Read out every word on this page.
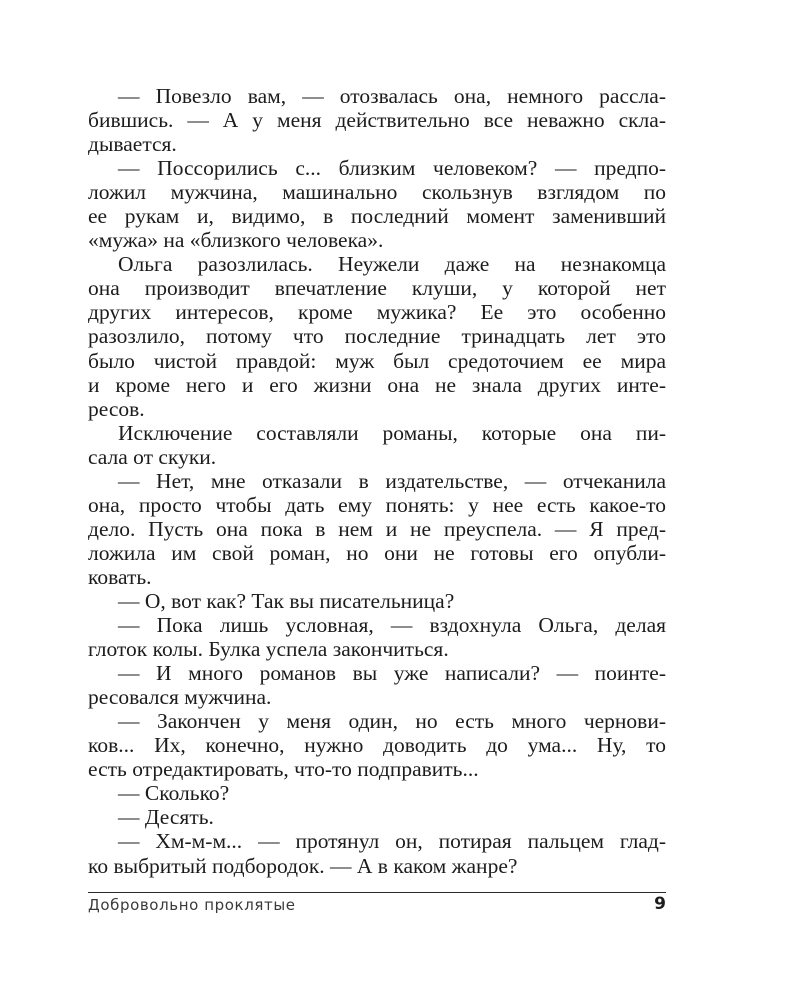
— Повезло вам, — отозвалась она, немного расслa-
бившись. — А у меня действительно все неважно скла-
дывается.
— Поссорились с... близким человеком? — предпо-
ложил мужчина, машинально скользнув взглядом по
ее рукам и, видимо, в последний момент заменивший
«мужа» на «близкого человека».
Ольга разозлилась. Неужели даже на незнакомца
она производит впечатление клуши, у которой нет
других интересов, кроме мужика? Ее это особенно
разозлило, потому что последние тринадцать лет это
было чистой правдой: муж был средоточием ее мира
и кроме него и его жизни она не знала других инте-
ресов.
Исключение составляли романы, которые она пи-
сала от скуки.
— Нет, мне отказали в издательстве, — отчеканила
она, просто чтобы дать ему понять: у нее есть какое-то
дело. Пусть она пока в нем и не преуспела. — Я пред-
ложила им свой роман, но они не готовы его опубли-
ковать.
— О, вот как? Так вы писательница?
— Пока лишь условная, — вздохнула Ольга, делая
глоток колы. Булка успела закончиться.
— И много романов вы уже написали? — поинте-
ресовался мужчина.
— Закончен у меня один, но есть много чернови-
ков... Их, конечно, нужно доводить до ума... Ну, то
есть отредактировать, что-то подправить...
— Сколько?
— Десять.
— Хм-м-м... — протянул он, потирая пальцем глад-
ко выбритый подбородок. — А в каком жанре?
Добровольно проклятые	9
